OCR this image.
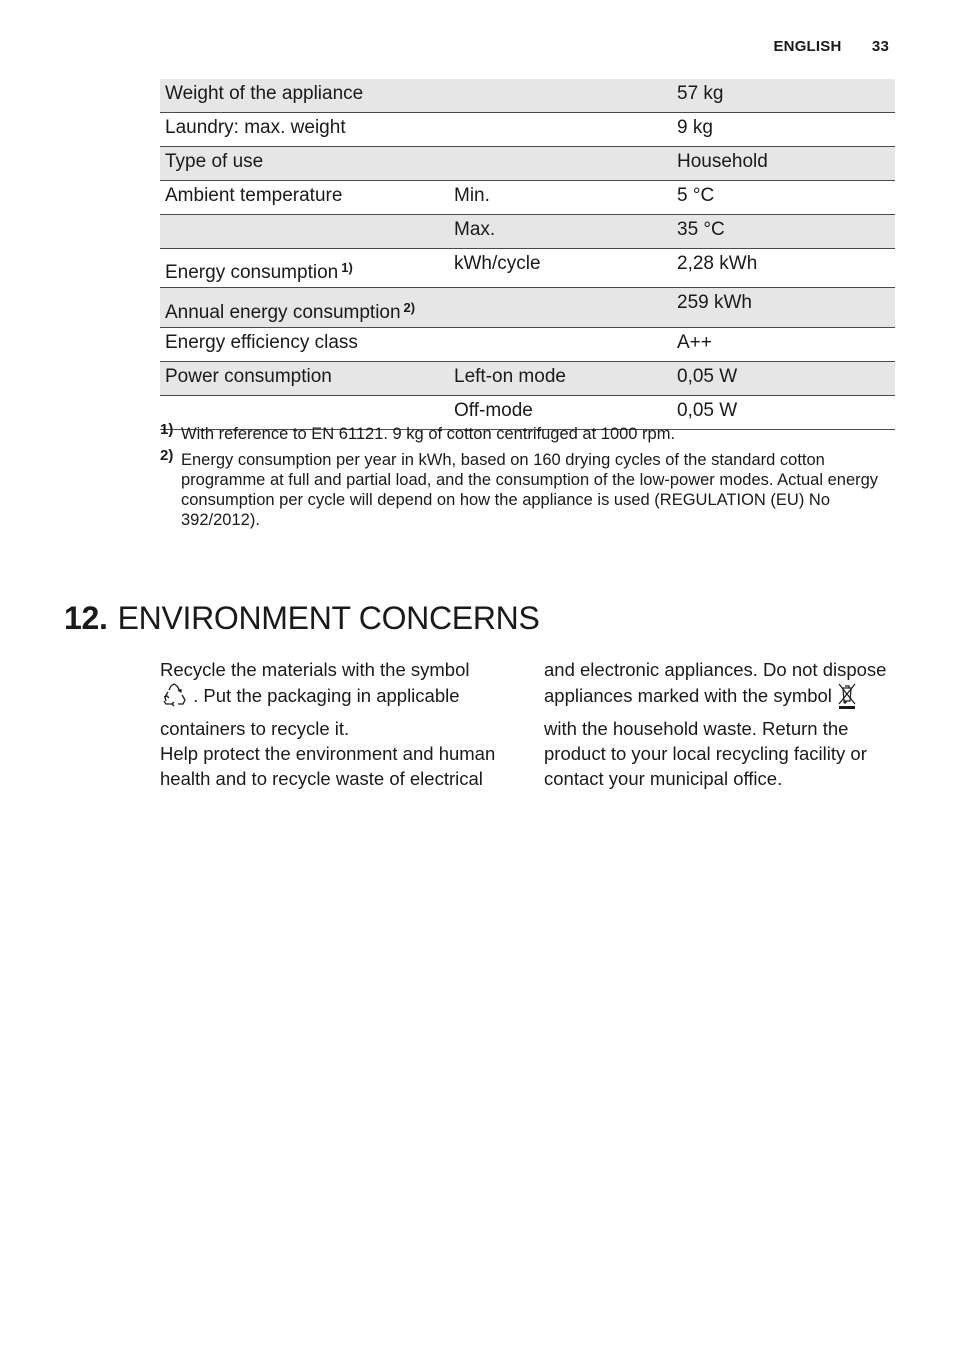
ENGLISH 33
Weight of the appliance		57 kg
Laundry: max. weight		9 kg
Type of use		Household
Ambient temperature	Min.	5 °C
	Max.	35 °C
Energy consumption $^{1)}$	kWh/cycle	2,28 kWh
Annual energy consumption $^{2)}$		259 kWh
Energy efficiency class		A++
Power consumption	Left-on mode	0,05 W
	Off-mode	0,05 W
1) With reference to EN 61121. 9 kg of cotton centrifuged at 1000 rpm.
2) Energy consumption per year in kWh, based on 160 drying cycles of the standard cotton programme at full and partial load, and the consumption of the low-power modes. Actual energy consumption per cycle will depend on how the appliance is used (REGULATION (EU) No 392/2012).
12. ENVIRONMENT CONCERNS

Recycle the materials with the symbol
. Put the packaging in applicable containers to recycle it.
Help protect the environment and human health and to recycle waste of electrical

and electronic appliances. Do not dispose appliances marked with the symbol
with the household waste. Return the product to your local recycling facility or contact your municipal office.
